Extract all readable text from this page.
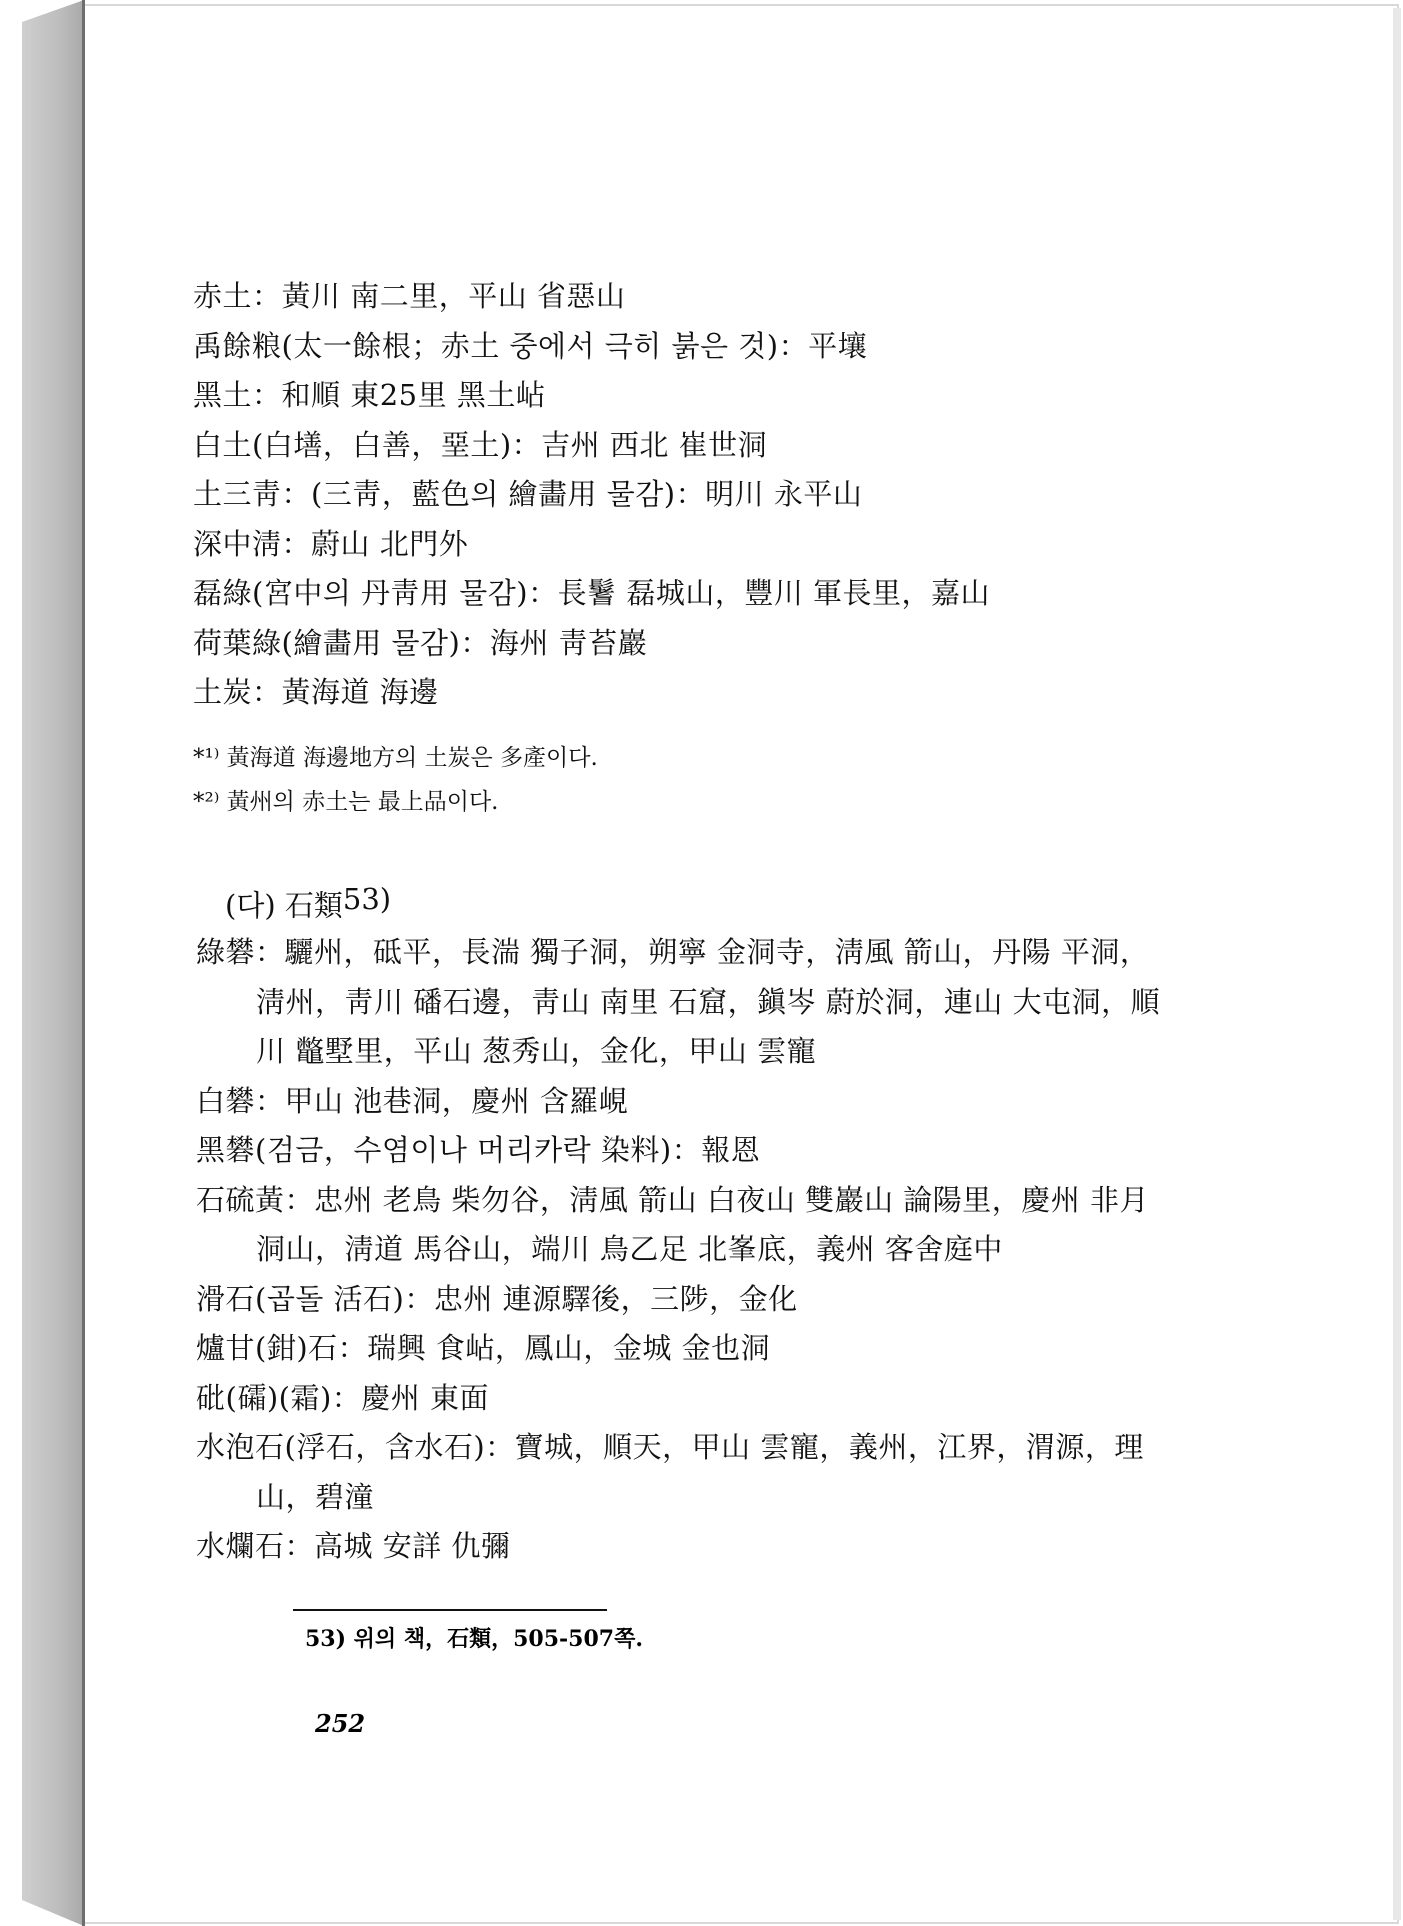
赤土：黃川 南二里，平山 省惡山
禹餘粮(太一餘根；赤土 중에서 극히 붉은 것)：平壤
黑土：和順 東25里 黑土岾
白土(白墡，白善，堊土)：吉州 西北 崔世洞
土三靑：(三靑，藍色의 繪畵用 물감)：明川 永平山
深中淸：蔚山 北門外
磊綠(宮中의 丹靑用 물감)：長鬐 磊城山，豐川 軍長里，嘉山
荷葉綠(繪畵用 물감)：海州 靑苔巖
土炭：黃海道 海邊
*¹⁾ 黃海道 海邊地方의 土炭은 多產이다.
*²⁾ 黃州의 赤土는 最上品이다.
(다) 石類$^{53)}$
綠礬：驪州，砥平，長湍 獨子洞，朔寧 金洞寺，淸風 箭山，丹陽 平洞，
淸州，靑川 磻石邊，靑山 南里 石窟，鎭岑 蔚於洞，連山 大屯洞，順
川 鼈墅里，平山 葱秀山，金化，甲山 雲寵
白礬：甲山 池巷洞，慶州 含羅峴
黑礬(검금，수염이나 머리카락 染料)：報恩
石硫黃：忠州 老鳥 柴勿谷，淸風 箭山 白夜山 雙巖山 論陽里，慶州 非月
洞山，淸道 馬谷山，端川 鳥乙足 北峯底，義州 客舍庭中
滑石(곱돌 活石)：忠州 連源驛後，三陟，金化
爐甘(鉗)石：瑞興 食岾，鳳山，金城 金也洞
砒(礵)(霜)：慶州 東面
水泡石(浮石，含水石)：寶城，順天，甲山 雲寵，義州，江界，渭源，理
山，碧潼
水爛石：高城 安詳 仇彌
53) 위의 책，石類，505-507쪽.
252
